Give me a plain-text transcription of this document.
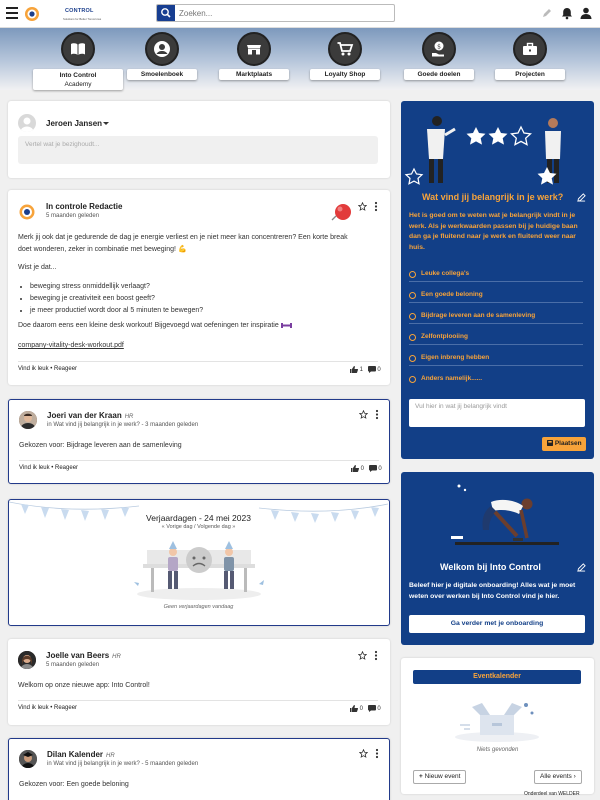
CONTROL
Solutions for Better Tomorrows
Zoeken...
Into Control
Academy
Smoelenboek	Marktplaats	Loyalty Shop
$
Goede doelen	Projecten
Jeroen Jansen
Vertel wat je bezighoudt...
In controle Redactie
5 maanden geleden
Merk jij ook dat je gedurende de dag je energie verliest en je niet meer kan concentreren? Een korte break doet wonderen, zeker in combinatie met beweging! 💪
Wist je dat...
• beweging stress onmiddellijk verlaagt?
• beweging je creativiteit een boost geeft?
• je meer productief wordt door al 5 minuten te bewegen?
Doe daarom eens een kleine desk workout! Bijgevoegd wat oefeningen ter inspiratie
company-vitality-desk-workout.pdf
Vind ik leuk • Reageer	1 0
Joeri van der Kraan HR
in Wat vind jij belangrijk in je werk? - 3 maanden geleden
Gekozen voor: Bijdrage leveren aan de samenleving
Vind ik leuk • Reageer	0 0
Verjaardagen - 24 mei 2023
« Vorige dag / Volgende dag »
Geen verjaardagen vandaag
Joelle van Beers HR
5 maanden geleden
Welkom op onze nieuwe app: Into Control!
Vind ik leuk • Reageer	0 0
Dilan Kalender HR
in Wat vind jij belangrijk in je werk? - 5 maanden geleden
Gekozen voor: Een goede beloning
Wat vind jij belangrijk in je werk?
Het is goed om te weten wat je belangrijk vindt in je werk. Als je werkwaarden passen bij je huidige baan dan ga je fluitend naar je werk en fluitend weer naar huis.
Leuke collega's
Een goede beloning
Bijdrage leveren aan de samenleving
Zelfontplooiing
Eigen inbreng hebben
Anders namelijk......
Vul hier in wat jij belangrijk vindt
Plaatsen
Welkom bij Into Control
Beleef hier je digitale onboarding! Alles wat je moet weten over werken bij Into Control vind je hier.
Ga verder met je onboarding
Eventkalender
Niets gevonden
+ Nieuw event	Alle events ›
Onderdeel van WELDER
